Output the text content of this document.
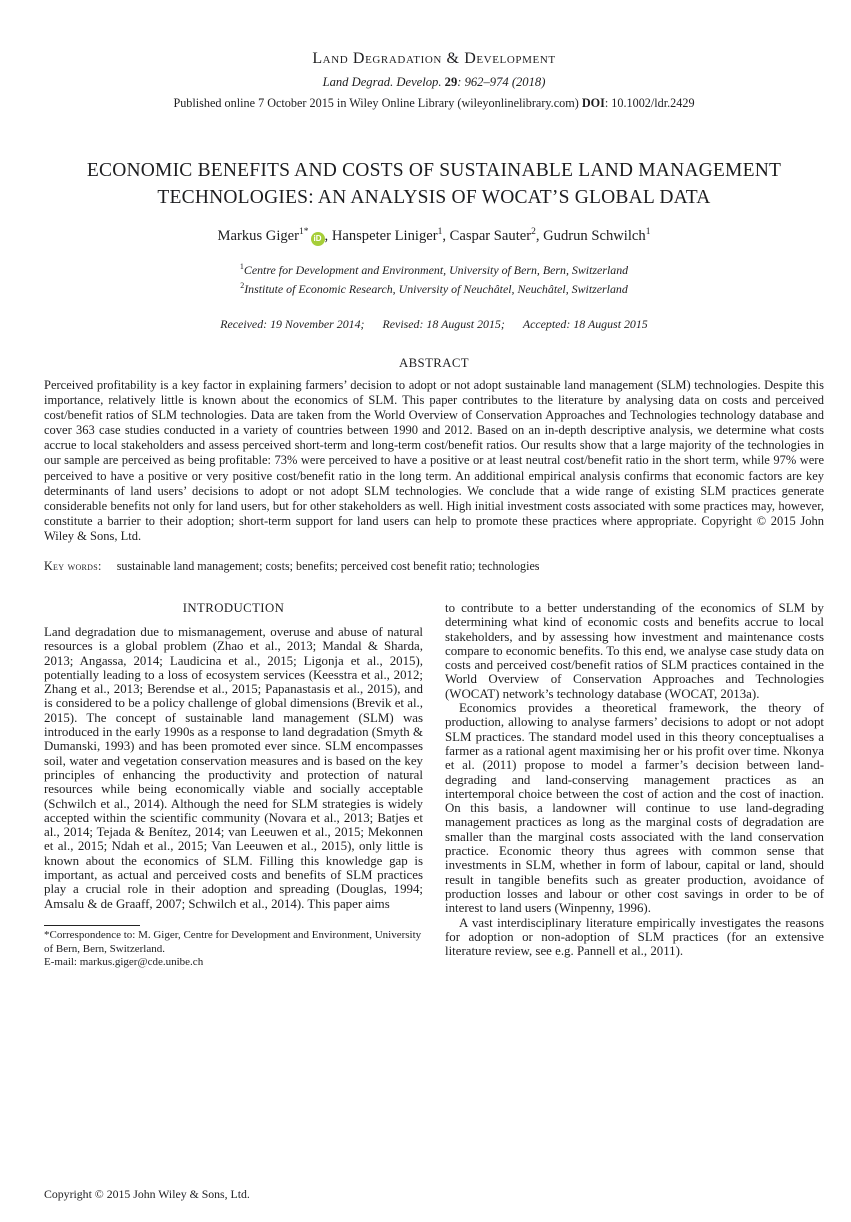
Land Degradation & Development
Land Degrad. Develop. 29: 962–974 (2018)
Published online 7 October 2015 in Wiley Online Library (wileyonlinelibrary.com) DOI: 10.1002/ldr.2429
ECONOMIC BENEFITS AND COSTS OF SUSTAINABLE LAND MANAGEMENT
TECHNOLOGIES: AN ANALYSIS OF WOCAT’S GLOBAL DATA
Markus Giger$^{1*}$iD , Hanspeter Liniger$^1$, Caspar Sauter$^2$, Gudrun Schwilch$^1$
$^1$Centre for Development and Environment, University of Bern, Bern, Switzerland
$^2$Institute of Economic Research, University of Neuchâtel, Neuchâtel, Switzerland
Received: 19 November 2014; Revised: 18 August 2015; Accepted: 18 August 2015
ABSTRACT

Perceived profitability is a key factor in explaining farmers’ decision to adopt or not adopt sustainable land management (SLM) technologies. Despite this importance, relatively little is known about the economics of SLM. This paper contributes to the literature by analysing data on costs and perceived cost/benefit ratios of SLM technologies. Data are taken from the World Overview of Conservation Approaches and Technologies technology database and cover 363 case studies conducted in a variety of countries between 1990 and 2012. Based on an in-depth descriptive analysis, we determine what costs accrue to local stakeholders and assess perceived short-term and long-term cost/benefit ratios. Our results show that a large majority of the technologies in our sample are perceived as being profitable: 73% were perceived to have a positive or at least neutral cost/benefit ratio in the short term, while 97% were perceived to have a positive or very positive cost/benefit ratio in the long term. An additional empirical analysis confirms that economic factors are key determinants of land users’ decisions to adopt or not adopt SLM technologies. We conclude that a wide range of existing SLM practices generate considerable benefits not only for land users, but for other stakeholders as well. High initial investment costs associated with some practices may, however, constitute a barrier to their adoption; short-term support for land users can help to promote these practices where appropriate. Copyright © 2015 John Wiley & Sons, Ltd.

Key words: sustainable land management; costs; benefits; perceived cost benefit ratio; technologies
INTRODUCTION

Land degradation due to mismanagement, overuse and abuse of natural resources is a global problem (Zhao et al., 2013; Mandal & Sharda, 2013; Angassa, 2014; Laudicina et al., 2015; Ligonja et al., 2015), potentially leading to a loss of ecosystem services (Keesstra et al., 2012; Zhang et al., 2013; Berendse et al., 2015; Papanastasis et al., 2015), and is considered to be a policy challenge of global dimensions (Brevik et al., 2015). The concept of sustainable land management (SLM) was introduced in the early 1990s as a response to land degradation (Smyth & Dumanski, 1993) and has been promoted ever since. SLM encompasses soil, water and vegetation conservation measures and is based on the key principles of enhancing the productivity and protection of natural resources while being economically viable and socially acceptable (Schwilch et al., 2014). Although the need for SLM strategies is widely accepted within the scientific community (Novara et al., 2013; Batjes et al., 2014; Tejada & Benítez, 2014; van Leeuwen et al., 2015; Mekonnen et al., 2015; Ndah et al., 2015; Van Leeuwen et al., 2015), only little is known about the economics of SLM. Filling this knowledge gap is important, as actual and perceived costs and benefits of SLM practices play a crucial role in their adoption and spreading (Douglas, 1994; Amsalu & de Graaff, 2007; Schwilch et al., 2014). This paper aims

*Correspondence to: M. Giger, Centre for Development and Environment, University of Bern, Bern, Switzerland.
E-mail: markus.giger@cde.unibe.ch

to contribute to a better understanding of the economics of SLM by determining what kind of economic costs and benefits accrue to local stakeholders, and by assessing how investment and maintenance costs compare to economic benefits. To this end, we analyse case study data on costs and perceived cost/benefit ratios of SLM practices contained in the World Overview of Conservation Approaches and Technologies (WOCAT) network’s technology database (WOCAT, 2013a).

Economics provides a theoretical framework, the theory of production, allowing to analyse farmers’ decisions to adopt or not adopt SLM practices. The standard model used in this theory conceptualises a farmer as a rational agent maximising her or his profit over time. Nkonya et al. (2011) propose to model a farmer’s decision between land-degrading and land-conserving management practices as an intertemporal choice between the cost of action and the cost of inaction. On this basis, a landowner will continue to use land-degrading management practices as long as the marginal costs of degradation are smaller than the marginal costs associated with the land conservation practice. Economic theory thus agrees with common sense that investments in SLM, whether in form of labour, capital or land, should result in tangible benefits such as greater production, avoidance of production losses and labour or other cost savings in order to be of interest to land users (Winpenny, 1996).

A vast interdisciplinary literature empirically investigates the reasons for adoption or non-adoption of SLM practices (for an extensive literature review, see e.g. Pannell et al., 2011).

Copyright © 2015 John Wiley & Sons, Ltd.
